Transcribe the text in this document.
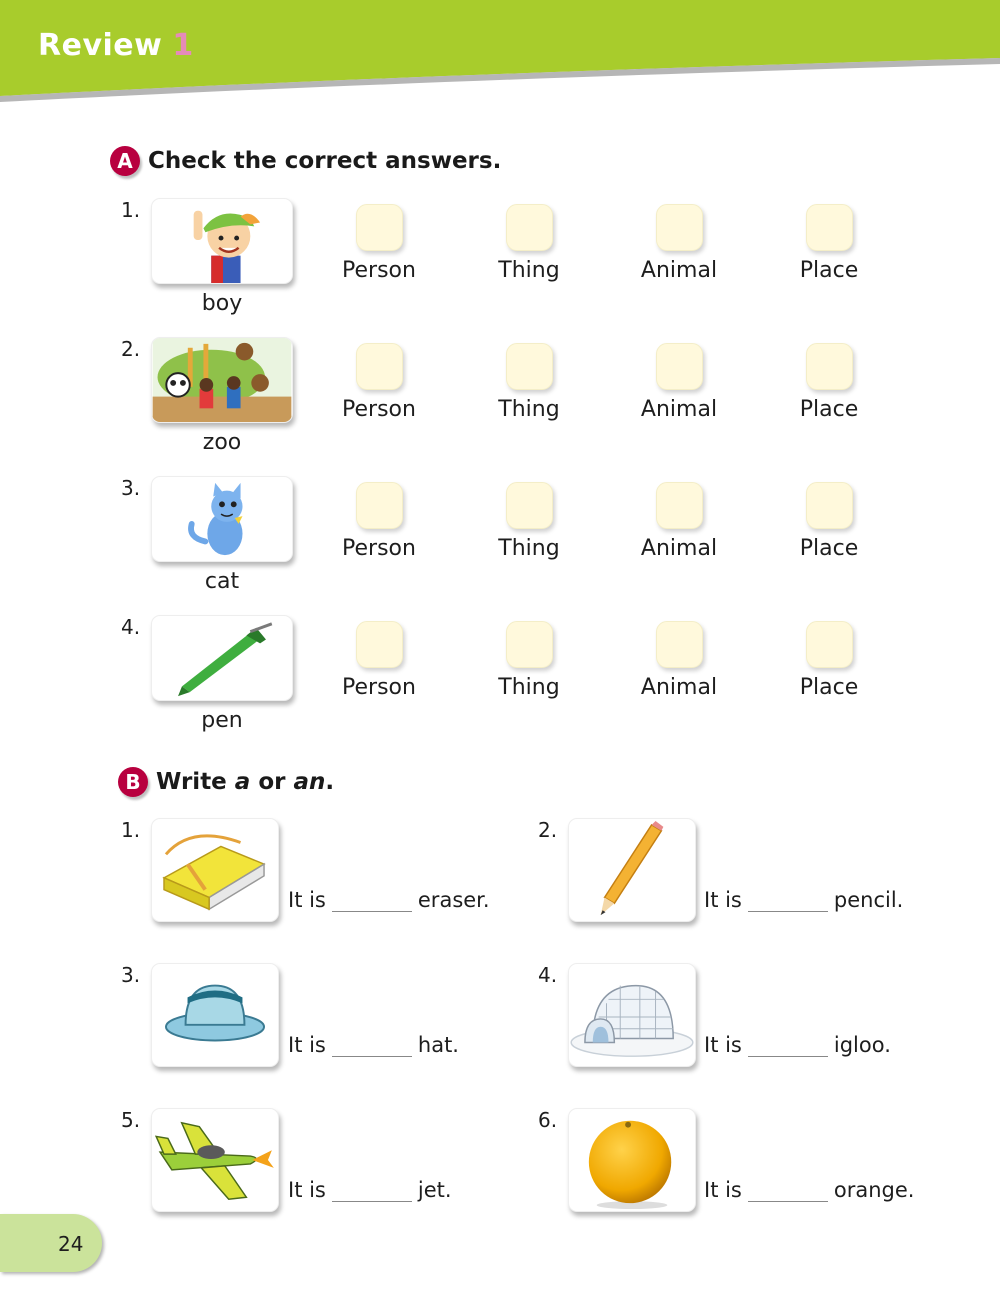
Review 1
A Check the correct answers.
1.
boy
Person	Thing	Animal	Place
2.
zoo
Person	Thing	Animal	Place
3.
cat
Person	Thing	Animal	Place
4.
pen
Person	Thing	Animal	Place
B Write a or an.
1.
It is	eraser.
2.
It is	pencil.
3.
It is	hat.
4.
It is	igloo.
5.
It is	jet.
6.
It is	orange.
24
